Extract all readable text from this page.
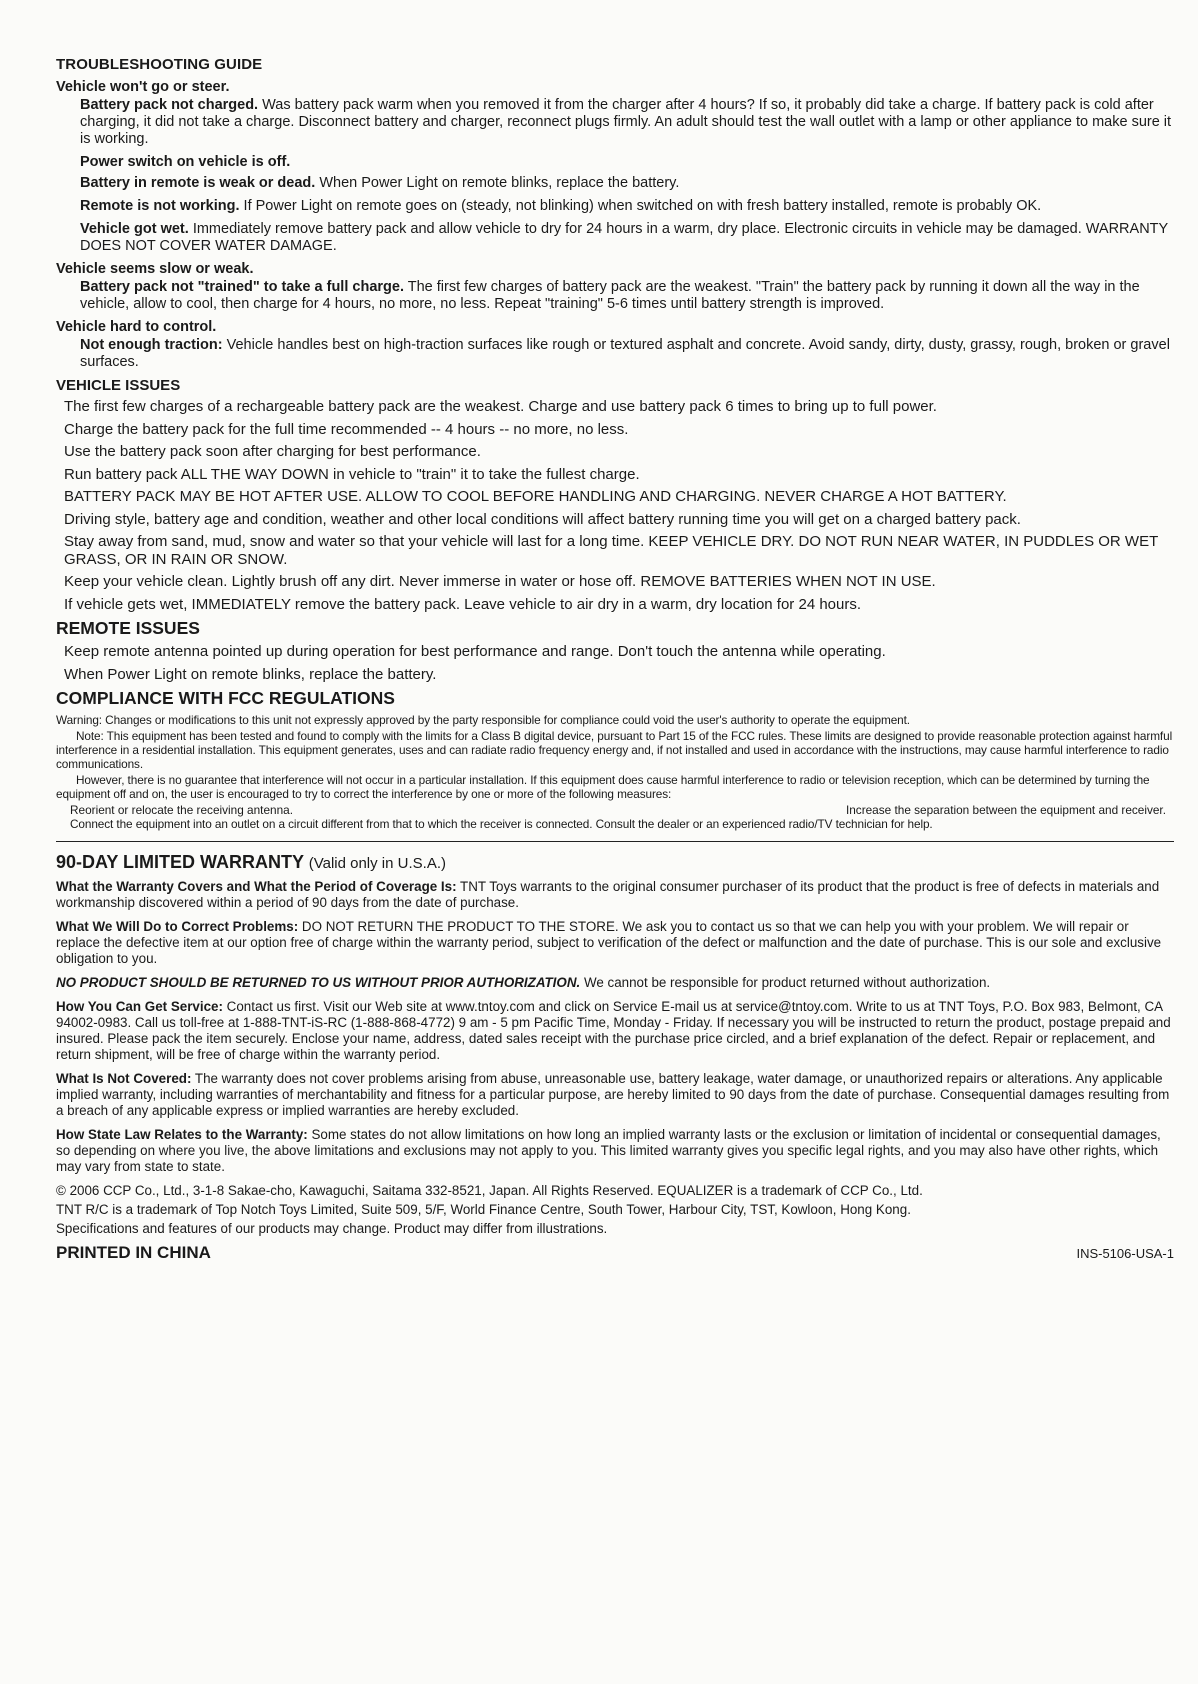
TROUBLESHOOTING GUIDE
Vehicle won't go or steer.
Battery pack not charged. Was battery pack warm when you removed it from the charger after 4 hours? If so, it probably did take a charge. If battery pack is cold after charging, it did not take a charge. Disconnect battery and charger, reconnect plugs firmly. An adult should test the wall outlet with a lamp or other appliance to make sure it is working.
Power switch on vehicle is off.
Battery in remote is weak or dead. When Power Light on remote blinks, replace the battery.
Remote is not working. If Power Light on remote goes on (steady, not blinking) when switched on with fresh battery installed, remote is probably OK.
Vehicle got wet. Immediately remove battery pack and allow vehicle to dry for 24 hours in a warm, dry place. Electronic circuits in vehicle may be damaged. WARRANTY DOES NOT COVER WATER DAMAGE.
Vehicle seems slow or weak.
Battery pack not "trained" to take a full charge. The first few charges of battery pack are the weakest. "Train" the battery pack by running it down all the way in the vehicle, allow to cool, then charge for 4 hours, no more, no less. Repeat "training" 5-6 times until battery strength is improved.
Vehicle hard to control.
Not enough traction: Vehicle handles best on high-traction surfaces like rough or textured asphalt and concrete. Avoid sandy, dirty, dusty, grassy, rough, broken or gravel surfaces.
VEHICLE ISSUES
The first few charges of a rechargeable battery pack are the weakest. Charge and use battery pack 6 times to bring up to full power.
Charge the battery pack for the full time recommended -- 4 hours -- no more, no less.
Use the battery pack soon after charging for best performance.
Run battery pack ALL THE WAY DOWN in vehicle to "train" it to take the fullest charge.
BATTERY PACK MAY BE HOT AFTER USE. ALLOW TO COOL BEFORE HANDLING AND CHARGING. NEVER CHARGE A HOT BATTERY.
Driving style, battery age and condition, weather and other local conditions will affect battery running time you will get on a charged battery pack.
Stay away from sand, mud, snow and water so that your vehicle will last for a long time. KEEP VEHICLE DRY. DO NOT RUN NEAR WATER, IN PUDDLES OR WET GRASS, OR IN RAIN OR SNOW.
Keep your vehicle clean. Lightly brush off any dirt. Never immerse in water or hose off. REMOVE BATTERIES WHEN NOT IN USE.
If vehicle gets wet, IMMEDIATELY remove the battery pack. Leave vehicle to air dry in a warm, dry location for 24 hours.
REMOTE ISSUES
Keep remote antenna pointed up during operation for best performance and range. Don't touch the antenna while operating.
When Power Light on remote blinks, replace the battery.
COMPLIANCE WITH FCC REGULATIONS
Warning: Changes or modifications to this unit not expressly approved by the party responsible for compliance could void the user's authority to operate the equipment.
Note: This equipment has been tested and found to comply with the limits for a Class B digital device, pursuant to Part 15 of the FCC rules. These limits are designed to provide reasonable protection against harmful interference in a residential installation. This equipment generates, uses and can radiate radio frequency energy and, if not installed and used in accordance with the instructions, may cause harmful interference to radio communications.
However, there is no guarantee that interference will not occur in a particular installation. If this equipment does cause harmful interference to radio or television reception, which can be determined by turning the equipment off and on, the user is encouraged to try to correct the interference by one or more of the following measures:
Reorient or relocate the receiving antenna.	Increase the separation between the equipment and receiver.
Connect the equipment into an outlet on a circuit different from that to which the receiver is connected. Consult the dealer or an experienced radio/TV technician for help.
90-DAY LIMITED WARRANTY (Valid only in U.S.A.)
What the Warranty Covers and What the Period of Coverage Is: TNT Toys warrants to the original consumer purchaser of its product that the product is free of defects in materials and workmanship discovered within a period of 90 days from the date of purchase.
What We Will Do to Correct Problems: DO NOT RETURN THE PRODUCT TO THE STORE. We ask you to contact us so that we can help you with your problem. We will repair or replace the defective item at our option free of charge within the warranty period, subject to verification of the defect or malfunction and the date of purchase. This is our sole and exclusive obligation to you.
NO PRODUCT SHOULD BE RETURNED TO US WITHOUT PRIOR AUTHORIZATION. We cannot be responsible for product returned without authorization.
How You Can Get Service: Contact us first. Visit our Web site at www.tntoy.com and click on Service E-mail us at service@tntoy.com. Write to us at TNT Toys, P.O. Box 983, Belmont, CA 94002-0983. Call us toll-free at 1-888-TNT-iS-RC (1-888-868-4772) 9 am - 5 pm Pacific Time, Monday - Friday. If necessary you will be instructed to return the product, postage prepaid and insured. Please pack the item securely. Enclose your name, address, dated sales receipt with the purchase price circled, and a brief explanation of the defect. Repair or replacement, and return shipment, will be free of charge within the warranty period.
What Is Not Covered: The warranty does not cover problems arising from abuse, unreasonable use, battery leakage, water damage, or unauthorized repairs or alterations. Any applicable implied warranty, including warranties of merchantability and fitness for a particular purpose, are hereby limited to 90 days from the date of purchase. Consequential damages resulting from a breach of any applicable express or implied warranties are hereby excluded.
How State Law Relates to the Warranty: Some states do not allow limitations on how long an implied warranty lasts or the exclusion or limitation of incidental or consequential damages, so depending on where you live, the above limitations and exclusions may not apply to you. This limited warranty gives you specific legal rights, and you may also have other rights, which may vary from state to state.
© 2006 CCP Co., Ltd., 3-1-8 Sakae-cho, Kawaguchi, Saitama 332-8521, Japan. All Rights Reserved. EQUALIZER is a trademark of CCP Co., Ltd.
TNT R/C is a trademark of Top Notch Toys Limited, Suite 509, 5/F, World Finance Centre, South Tower, Harbour City, TST, Kowloon, Hong Kong.
Specifications and features of our products may change. Product may differ from illustrations.
PRINTED IN CHINA	INS-5106-USA-1
